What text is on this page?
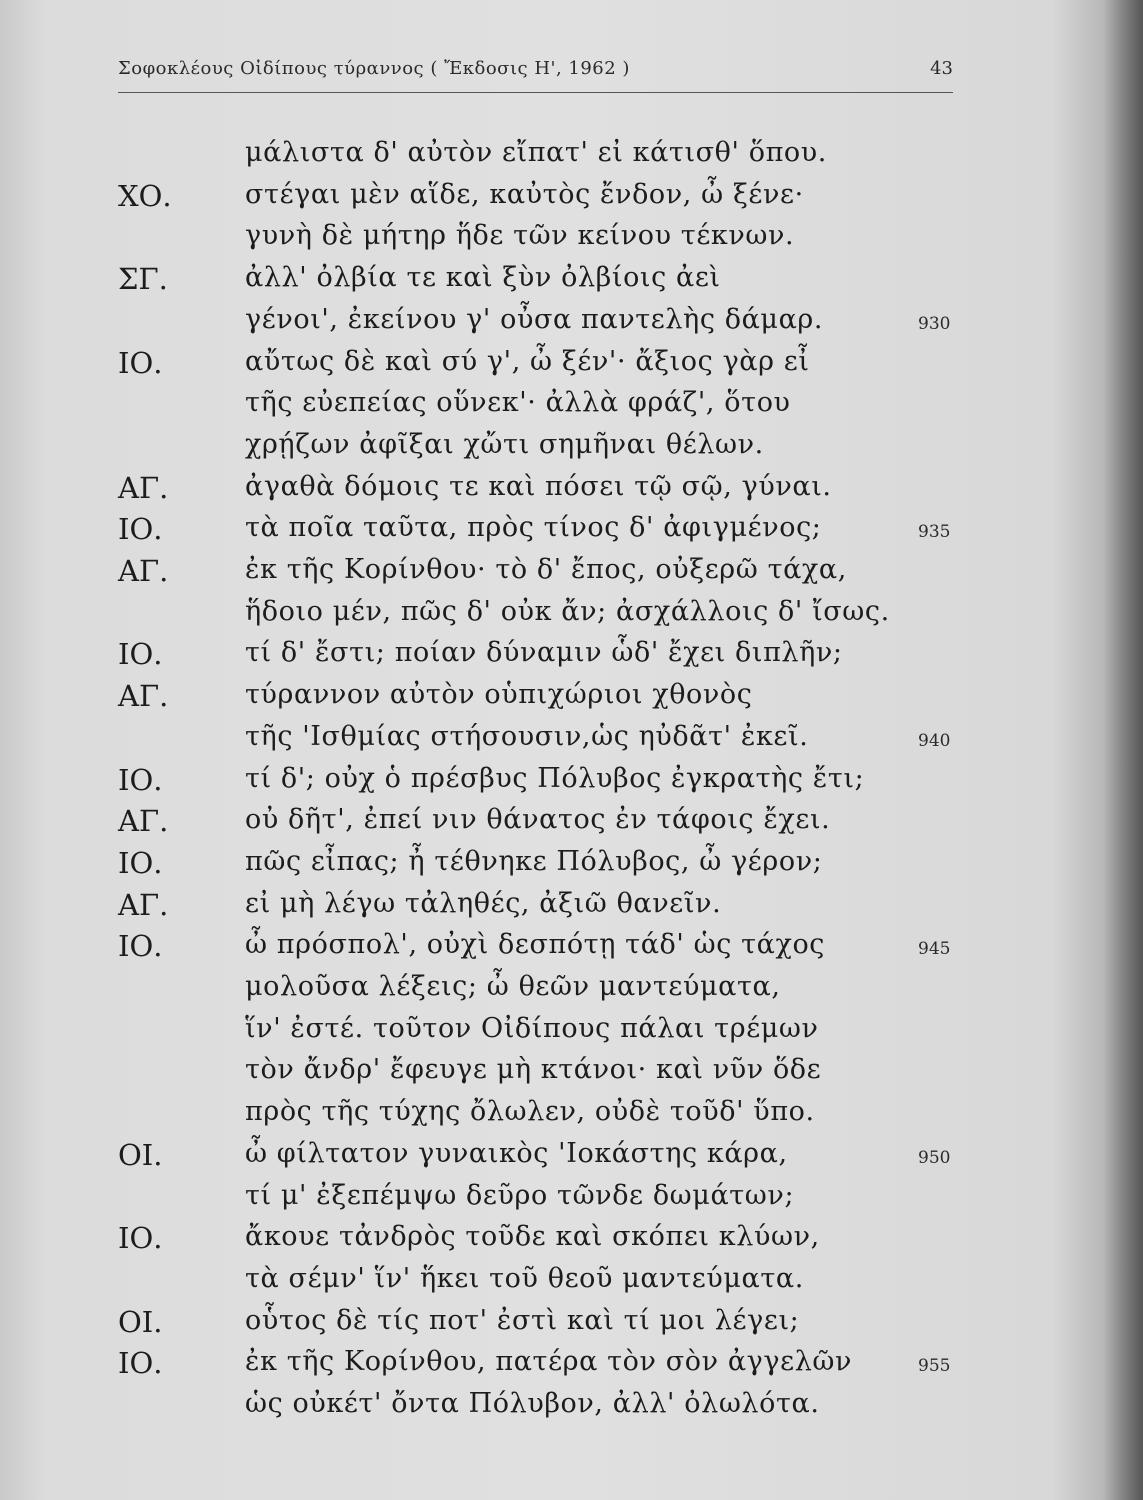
Σοφοκλέους Οἰδίπους τύραννος ( Ἔκδοσις Η', 1962 )	43
μάλιστα δ' αὐτὸν εἴπατ' εἰ κάτισθ' ὅπου.
ΧΟ.	στέγαι μὲν αἵδε, καὐτὸς ἔνδον, ὦ ξένε·
γυνὴ δὲ μήτηρ ἥδε τῶν κείνου τέκνων.
ΣΓ.	ἀλλ' ὀλβία τε καὶ ξὺν ὀλβίοις ἀεὶ
γένοι', ἐκείνου γ' οὖσα παντελὴς δάμαρ.	930
ΙΟ.	αὔτως δὲ καὶ σύ γ', ὦ ξέν'· ἄξιος γὰρ εἶ
τῆς εὐεπείας οὕνεκ'· ἀλλὰ φράζ', ὅτου
χρῄζων ἀφῖξαι χὤτι σημῆναι θέλων.
ΑΓ.	ἀγαθὰ δόμοις τε καὶ πόσει τῷ σῷ, γύναι.
ΙΟ.	τὰ ποῖα ταῦτα, πρὸς τίνος δ' ἀφιγμένος;	935
ΑΓ.	ἐκ τῆς Κορίνθου· τὸ δ' ἔπος, οὐξερῶ τάχα,
ἥδοιο μέν, πῶς δ' οὐκ ἄν; ἀσχάλλοις δ' ἴσως.
ΙΟ.	τί δ' ἔστι; ποίαν δύναμιν ὧδ' ἔχει διπλῆν;
ΑΓ.	τύραννον αὐτὸν οὑπιχώριοι χθονὸς
τῆς 'Ισθμίας στήσουσιν,ὡς ηὐδᾶτ' ἐκεῖ.	940
ΙΟ.	τί δ'; οὐχ ὁ πρέσβυς Πόλυβος ἐγκρατὴς ἔτι;
ΑΓ.	οὐ δῆτ', ἐπεί νιν θάνατος ἐν τάφοις ἔχει.
ΙΟ.	πῶς εἶπας; ἦ τέθνηκε Πόλυβος, ὦ γέρον;
ΑΓ.	εἰ μὴ λέγω τἀληθές, ἀξιῶ θανεῖν.
ΙΟ.	ὦ πρόσπολ', οὐχὶ δεσπότῃ τάδ' ὡς τάχος	945
μολοῦσα λέξεις; ὦ θεῶν μαντεύματα,
ἵν' ἐστέ. τοῦτον Οἰδίπους πάλαι τρέμων
τὸν ἄνδρ' ἔφευγε μὴ κτάνοι· καὶ νῦν ὅδε
πρὸς τῆς τύχης ὄλωλεν, οὐδὲ τοῦδ' ὕπο.
ΟΙ.	ὦ φίλτατον γυναικὸς 'Ιοκάστης κάρα,	950
τί μ' ἐξεπέμψω δεῦρο τῶνδε δωμάτων;
ΙΟ.	ἄκουε τἀνδρὸς τοῦδε καὶ σκόπει κλύων,
τὰ σέμν' ἵν' ἥκει τοῦ θεοῦ μαντεύματα.
ΟΙ.	οὗτος δὲ τίς ποτ' ἐστὶ καὶ τί μοι λέγει;
ΙΟ.	ἐκ τῆς Κορίνθου, πατέρα τὸν σὸν ἀγγελῶν	955
ὡς οὐκέτ' ὄντα Πόλυβον, ἀλλ' ὀλωλότα.
